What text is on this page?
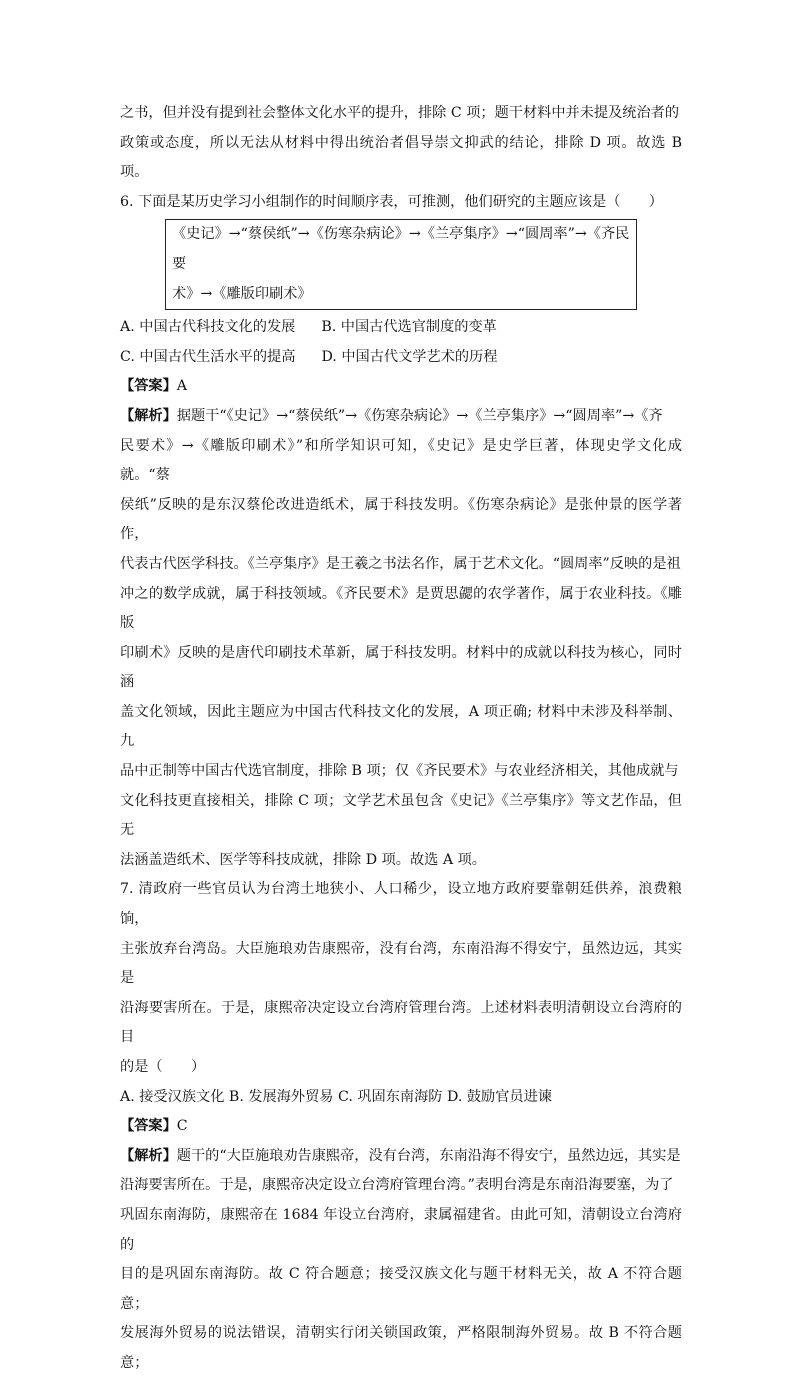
之书，但并没有提到社会整体文化水平的提升，排除 C 项；题干材料中并未提及统治者的

政策或态度，所以无法从材料中得出统治者倡导崇文抑武的结论，排除 D 项。故选 B 项。

6. 下面是某历史学习小组制作的时间顺序表，可推测，他们研究的主题应该是（　　）

《史记》→“蔡侯纸”→《伤寒杂病论》→《兰亭集序》→“圆周率”→《齐民要
术》→《雕版印刷术》

A. 中国古代科技文化的发展 B. 中国古代选官制度的变革

C. 中国古代生活水平的提高 D. 中国古代文学艺术的历程

【答案】A

【解析】据题干“《史记》→“蔡侯纸”→《伤寒杂病论》→《兰亭集序》→“圆周率”→《齐

民要术》→《雕版印刷术》”和所学知识可知，《史记》是史学巨著，体现史学文化成就。“蔡

侯纸”反映的是东汉蔡伦改进造纸术，属于科技发明。《伤寒杂病论》是张仲景的医学著作，

代表古代医学科技。《兰亭集序》是王羲之书法名作，属于艺术文化。“圆周率”反映的是祖

冲之的数学成就，属于科技领域。《齐民要术》是贾思勰的农学著作，属于农业科技。《雕版

印刷术》反映的是唐代印刷技术革新，属于科技发明。材料中的成就以科技为核心，同时涵

盖文化领域，因此主题应为中国古代科技文化的发展，A 项正确; 材料中未涉及科举制、九

品中正制等中国古代选官制度，排除 B 项；仅《齐民要术》与农业经济相关，其他成就与

文化科技更直接相关，排除 C 项；文学艺术虽包含《史记》《兰亭集序》等文艺作品，但无

法涵盖造纸术、医学等科技成就，排除 D 项。故选 A 项。

7. 清政府一些官员认为台湾土地狭小、人口稀少，设立地方政府要靠朝廷供养，浪费粮饷，

主张放弃台湾岛。大臣施琅劝告康熙帝，没有台湾，东南沿海不得安宁，虽然边远，其实是

沿海要害所在。于是，康熙帝决定设立台湾府管理台湾。上述材料表明清朝设立台湾府的目

的是（　　）

A. 接受汉族文化 B. 发展海外贸易 C. 巩固东南海防 D. 鼓励官员进谏

【答案】C

【解析】题干的“大臣施琅劝告康熙帝，没有台湾，东南沿海不得安宁，虽然边远，其实是

沿海要害所在。于是，康熙帝决定设立台湾府管理台湾。”表明台湾是东南沿海要塞，为了

巩固东南海防，康熙帝在 1684 年设立台湾府，隶属福建省。由此可知，清朝设立台湾府的

目的是巩固东南海防。故 C 符合题意；接受汉族文化与题干材料无关，故 A 不符合题意；

发展海外贸易的说法错误，清朝实行闭关锁国政策，严格限制海外贸易。故 B 不符合题意；
